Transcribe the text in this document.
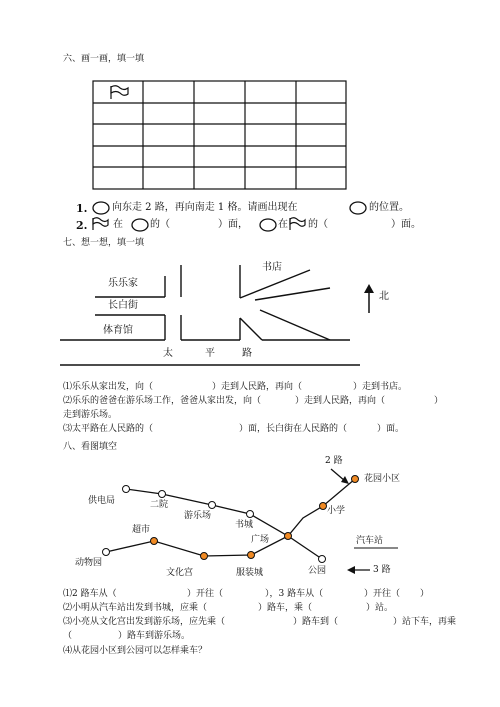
六、画一画，填一填
1. 向东走 2 路，再向南走 1 格。请画出现在	的位置。
2.	在	的（	）面，	在 的（	）面。
七、想一想，填一填
乐乐家
长白街
体育馆
书店
北
太	平	路
⑴乐乐从家出发，向（	）走到人民路，再向（	）走到书店。
⑵乐乐的爸爸在游乐场工作，爸爸从家出发，向（	）走到人民路，再向（	）
走到游乐场。
⑶太平路在人民路的（	）面，长白街在人民路的（	）面。
八、看图填空
2 路
花园小区
供电局	二院
游乐场	小学
书城
超市
广场	汽车站
动物园
文化宫	服装城	公园	3 路
⑴2 路车从（	）开往（	），3 路车从（	）开往（ ）
⑵小明从汽车站出发到书城，应乘（	）路车，乘（	）站。
⑶小亮从文化宫出发到游乐场，应先乘（	）路车到（	）站下车，再乘
（	）路车到游乐场。
⑷从花园小区到公园可以怎样乘车？
